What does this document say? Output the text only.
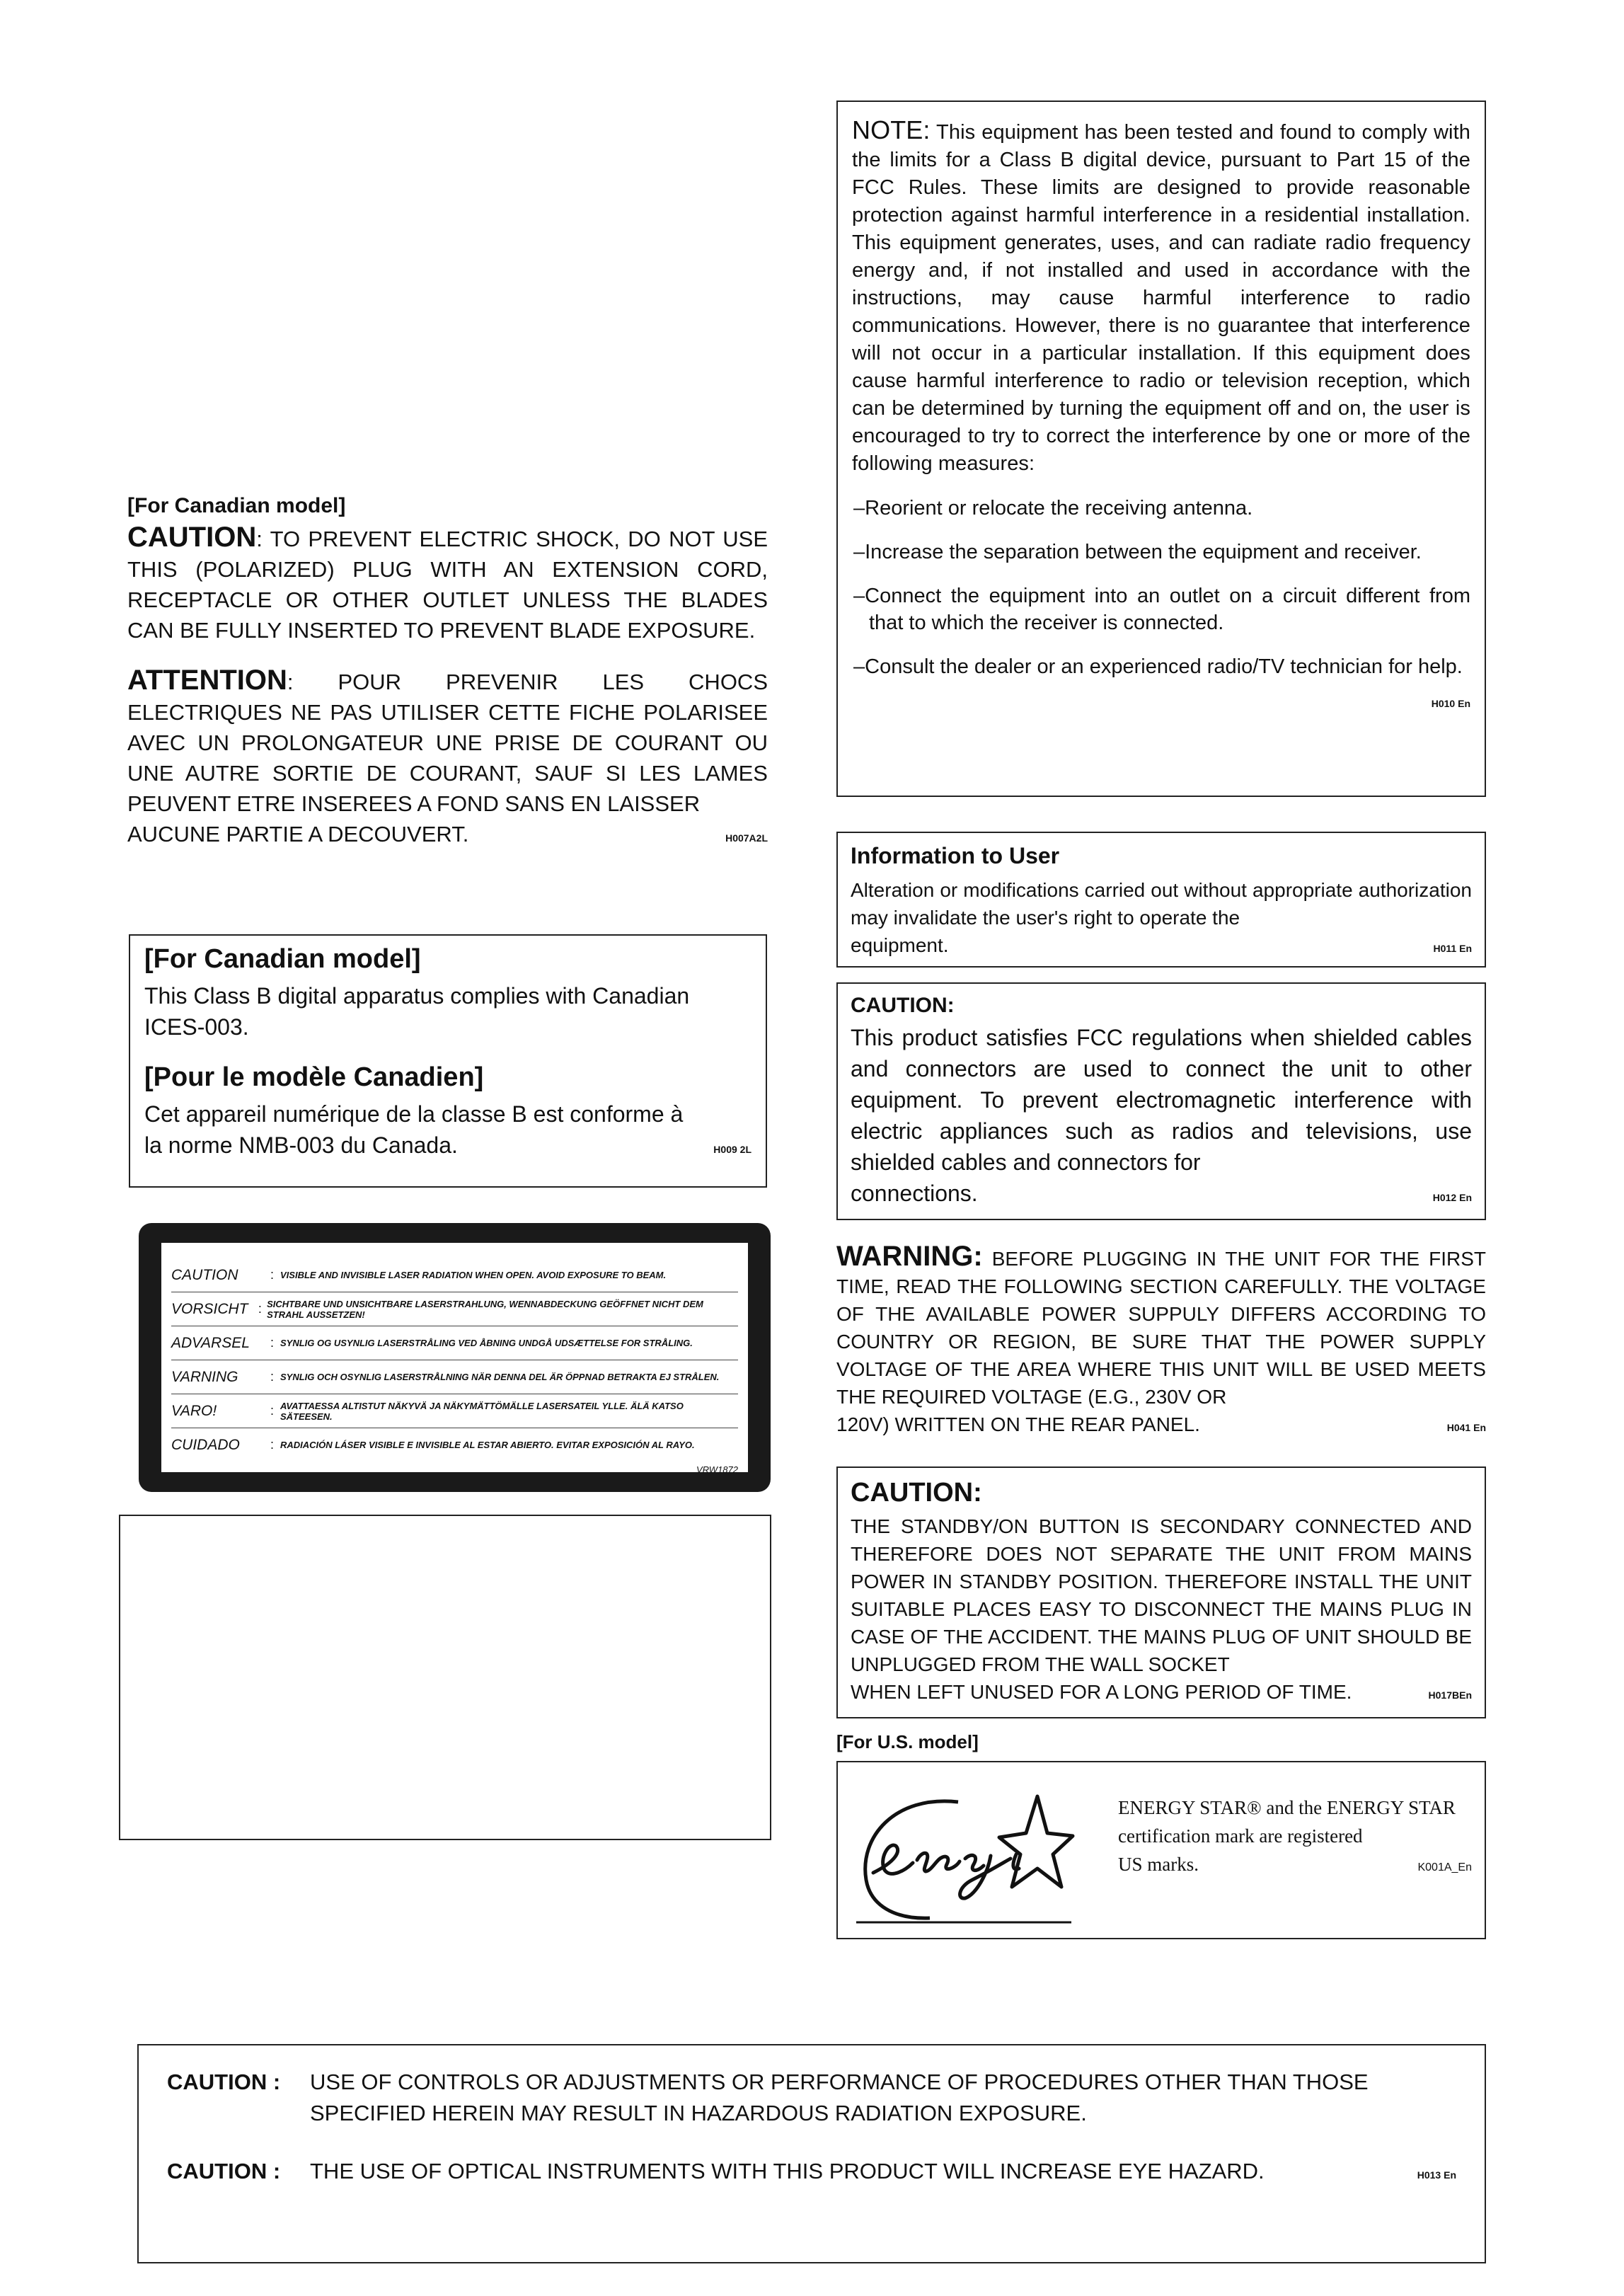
NOTE: This equipment has been tested and found to comply with the limits for a Class B digital device, pursuant to Part 15 of the FCC Rules. These limits are designed to provide reasonable protection against harmful interference in a residential installation. This equipment generates, uses, and can radiate radio frequency energy and, if not installed and used in accordance with the instructions, may cause harmful interference to radio communications. However, there is no guarantee that interference will not occur in a particular installation. If this equipment does cause harmful interference to radio or television reception, which can be determined by turning the equipment off and on, the user is encouraged to try to correct the interference by one or more of the following measures:

–Reorient or relocate the receiving antenna.

–Increase the separation between the equipment and receiver.

–Connect the equipment into an outlet on a circuit different from that to which the receiver is connected.

–Consult the dealer or an experienced radio/TV technician for help.
H010 En

[For Canadian model]

CAUTION: TO PREVENT ELECTRIC SHOCK, DO NOT USE THIS (POLARIZED) PLUG WITH AN EXTENSION CORD, RECEPTACLE OR OTHER OUTLET UNLESS THE BLADES CAN BE FULLY INSERTED TO PREVENT BLADE EXPOSURE.

ATTENTION: POUR PREVENIR LES CHOCS ELECTRIQUES NE PAS UTILISER CETTE FICHE POLARISEE AVEC UN PROLONGATEUR UNE PRISE DE COURANT OU UNE AUTRE SORTIE DE COURANT, SAUF SI LES LAMES PEUVENT ETRE INSEREES A FOND SANS EN LAISSER

AUCUNE PARTIE A DECOUVERT.	H007A2L
[For Canadian model]

This Class B digital apparatus complies with Canadian ICES-003.

[Pour le modèle Canadien]

Cet appareil numérique de la classe B est conforme à

la norme NMB-003 du Canada.	H009 2L
CAUTION	: VISIBLE AND INVISIBLE LASER RADIATION WHEN OPEN. AVOID EXPOSURE TO BEAM.
VORSICHT : SICHTBARE UND UNSICHTBARE LASERSTRAHLUNG, WENNABDECKUNG GEÖFFNET NICHT DEM STRAHL AUSSETZEN!
ADVARSEL	: SYNLIG OG USYNLIG LASERSTRÅLING VED ÅBNING UNDGÅ UDSÆTTELSE FOR STRÅLING.
VARNING	: SYNLIG OCH OSYNLIG LASERSTRÅLNING NÄR DENNA DEL ÄR ÖPPNAD BETRAKTA EJ STRÅLEN.
VARO!	: AVATTAESSA ALTISTUT NÄKYVÄ JA NÄKYMÄTTÖMÄLLE LASERSATEIL YLLE. ÄLÄ KATSO SÄTEESEN.
CUIDADO	: RADIACIÓN LÁSER VISIBLE E INVISIBLE AL ESTAR ABIERTO. EVITAR EXPOSICIÓN AL RAYO.
VRW1872
Information to User

Alteration or modifications carried out without appropriate authorization may invalidate the user's right to operate the

equipment.	H011 En
CAUTION:

This product satisfies FCC regulations when shielded cables and connectors are used to connect the unit to other equipment. To prevent electromagnetic interference with electric appliances such as radios and televisions, use shielded cables and connectors for

connections.	H012 En

WARNING: BEFORE PLUGGING IN THE UNIT FOR THE FIRST TIME, READ THE FOLLOWING SECTION CAREFULLY. THE VOLTAGE OF THE AVAILABLE POWER SUPPULY DIFFERS ACCORDING TO COUNTRY OR REGION, BE SURE THAT THE POWER SUPPLY VOLTAGE OF THE AREA WHERE THIS UNIT WILL BE USED MEETS THE REQUIRED VOLTAGE (E.G., 230V OR

120V) WRITTEN ON THE REAR PANEL.	H041 En
CAUTION:

THE STANDBY/ON BUTTON IS SECONDARY CONNECTED AND THEREFORE DOES NOT SEPARATE THE UNIT FROM MAINS POWER IN STANDBY POSITION. THEREFORE INSTALL THE UNIT SUITABLE PLACES EASY TO DISCONNECT THE MAINS PLUG IN CASE OF THE ACCIDENT. THE MAINS PLUG OF UNIT SHOULD BE UNPLUGGED FROM THE WALL SOCKET

WHEN LEFT UNUSED FOR A LONG PERIOD OF TIME.	H017BEn
[For U.S. model]

ENERGY STAR® and the ENERGY STAR certification mark are registered

US marks.	K001A_En
CAUTION :	USE OF CONTROLS OR ADJUSTMENTS OR PERFORMANCE OF PROCEDURES OTHER THAN THOSE SPECIFIED HEREIN MAY RESULT IN HAZARDOUS RADIATION EXPOSURE.
CAUTION :	THE USE OF OPTICAL INSTRUMENTS WITH THIS PRODUCT WILL INCREASE EYE HAZARD.	H013 En
